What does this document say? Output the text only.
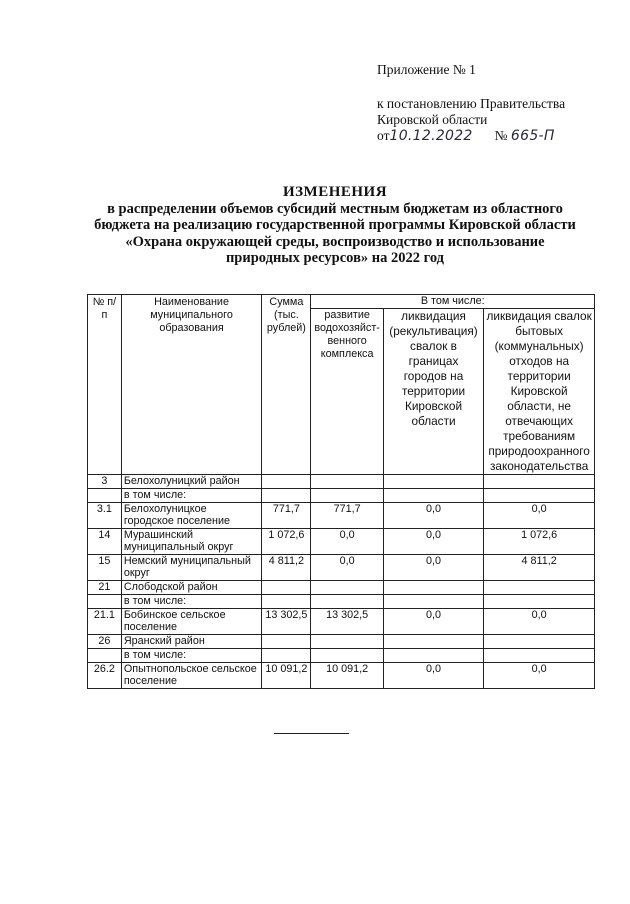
Приложение № 1
к постановлению Правительства
Кировской области
от10.12.2022 № 665-П
ИЗМЕНЕНИЯ
в распределении объемов субсидий местным бюджетам из областного
бюджета на реализацию государственной программы Кировской области
«Охрана окружающей среды, воспроизводство и использование
природных ресурсов» на 2022 год
№ п/п	Наименование муниципального образования	Сумма (тыс. рублей)	В том числе:		
			развитие водохозяйст-венного комплекса	ликвидация (рекультивация) свалок в границах городов на территории Кировской области	ликвидация свалок бытовых (коммунальных) отходов на территории Кировской области, не отвечающих требованиям природоохранного законодательства
3	Белохолуницкий район				
	в том числе:				
3.1	Белохолуницкое городское поселение	771,7	771,7	0,0	0,0
14	Мурашинский муниципальный округ	1 072,6	0,0	0,0	1 072,6
15	Немский муниципальный округ	4 811,2	0,0	0,0	4 811,2
21	Слободской район				
	в том числе:				
21.1	Бобинское сельское поселение	13 302,5	13 302,5	0,0	0,0
26	Яранский район				
	в том числе:				
26.2	Опытнопольское сельское поселение	10 091,2	10 091,2	0,0	0,0
